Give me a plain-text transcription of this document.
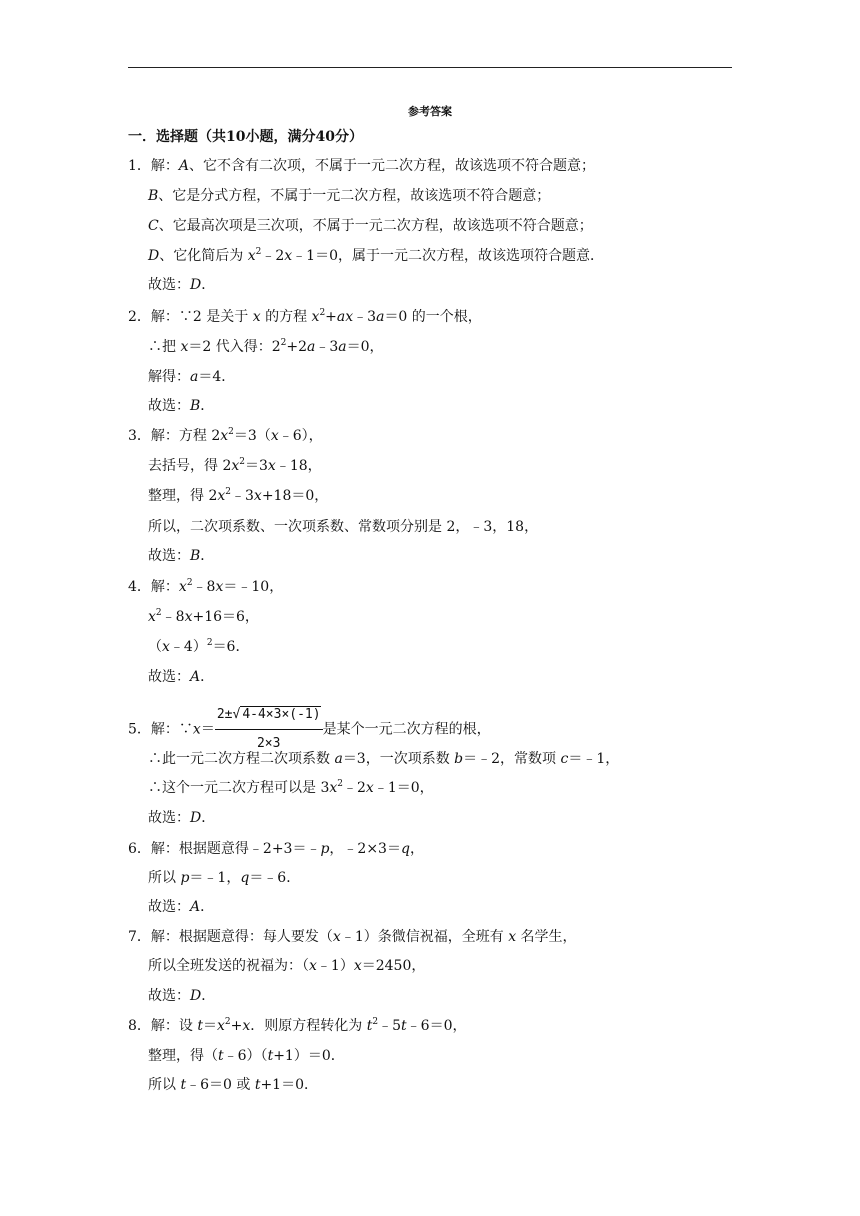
参考答案
一．选择题（共10小题，满分40分）
1．解：A、它不含有二次项，不属于一元二次方程，故该选项不符合题意；
B、它是分式方程，不属于一元二次方程，故该选项不符合题意；
C、它最高次项是三次项，不属于一元二次方程，故该选项不符合题意；
D、它化简后为 $x^2﹣2x﹣1=0$，属于一元二次方程，故该选项符合题意．
故选：D．
2．解：∵2 是关于 x 的方程 $x^2+ax﹣3a=0$ 的一个根，
∴把 x＝2 代入得：$2^2+2a﹣3a=0$，
解得：a＝4．
故选：B．
3．解：方程 $2x^2=3(x﹣6)$，
去括号，得 $2x^2=3x﹣18$，
整理，得 $2x^2﹣3x+18=0$，
所以，二次项系数、一次项系数、常数项分别是 2，﹣3，18，
故选：B．
4．解：$x^2﹣8x=﹣10$，
$x^2﹣8x+16=6$，
（x﹣4）$^2$＝6．
故选：A．
5．解：∵x＝ $\frac{2\pm√ 4-4\times 3\times(-1)}{2\times 3}$ 是某个一元二次方程的根，
∴此一元二次方程二次项系数 a＝3，一次项系数 b＝﹣2，常数项 c＝﹣1，
∴这个一元二次方程可以是 $3x^2﹣2x﹣1=0$，
故选：D．
6．解：根据题意得﹣2+3＝﹣p，﹣2×3＝q，
所以 p＝﹣1，q＝﹣6．
故选：A．
7．解：根据题意得：每人要发（x﹣1）条微信祝福，全班有 x 名学生，
所以全班发送的祝福为：（x﹣1）x＝2450，
故选：D．
8．解：设 $t=x^2+x$．则原方程转化为 $t^2﹣5t﹣6=0$，
整理，得（t﹣6）（t+1）＝0．
所以 t﹣6＝0 或 t+1＝0．
